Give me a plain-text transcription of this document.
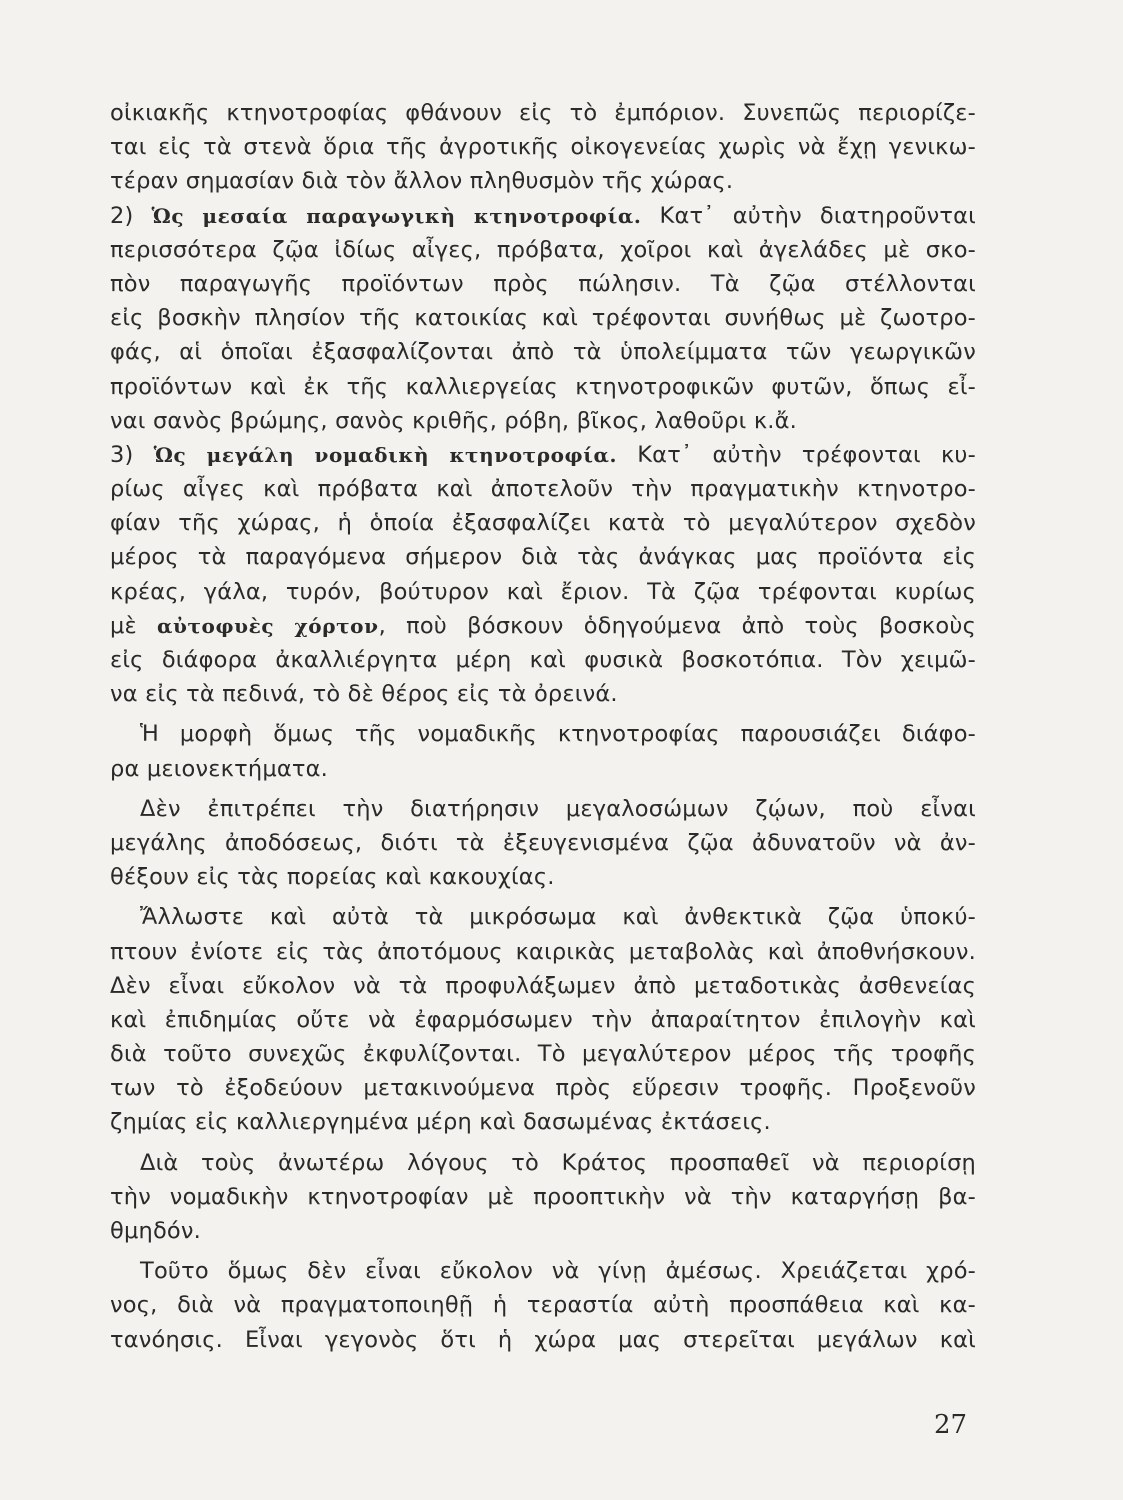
οἰκιακῆς κτηνοτροφίας φθάνουν εἰς τὸ ἐμπόριον. Συνεπῶς περιορίζε-
ται εἰς τὰ στενὰ ὅρια τῆς ἀγροτικῆς οἰκογενείας χωρὶς νὰ ἔχῃ γενικω-
τέραν σημασίαν διὰ τὸν ἄλλον πληθυσμὸν τῆς χώρας.
2) Ὡς μεσαία παραγωγικὴ κτηνοτροφία. Κατ᾽ αὐτὴν διατηροῦνται
περισσότερα ζῷα ἰδίως αἶγες, πρόβατα, χοῖροι καὶ ἀγελάδες μὲ σκο-
πὸν παραγωγῆς προϊόντων πρὸς πώλησιν. Τὰ ζῷα στέλλονται
εἰς βοσκὴν πλησίον τῆς κατοικίας καὶ τρέφονται συνήθως μὲ ζωοτρο-
φάς, αἱ ὁποῖαι ἐξασφαλίζονται ἀπὸ τὰ ὑπολείμματα τῶν γεωργικῶν
προϊόντων καὶ ἐκ τῆς καλλιεργείας κτηνοτροφικῶν φυτῶν, ὅπως εἶ-
ναι σανὸς βρώμης, σανὸς κριθῆς, ρόβη, βῖκος, λαθοῦρι κ.ἄ.
3) Ὡς μεγάλη νομαδικὴ κτηνοτροφία. Κατ᾽ αὐτὴν τρέφονται κυ-
ρίως αἶγες καὶ πρόβατα καὶ ἀποτελοῦν τὴν πραγματικὴν κτηνοτρο-
φίαν τῆς χώρας, ἡ ὁποία ἐξασφαλίζει κατὰ τὸ μεγαλύτερον σχεδὸν
μέρος τὰ παραγόμενα σήμερον διὰ τὰς ἀνάγκας μας προϊόντα εἰς
κρέας, γάλα, τυρόν, βούτυρον καὶ ἔριον. Τὰ ζῷα τρέφονται κυρίως
μὲ αὐτοφυὲς χόρτον, ποὺ βόσκουν ὁδηγούμενα ἀπὸ τοὺς βοσκοὺς
εἰς διάφορα ἀκαλλιέργητα μέρη καὶ φυσικὰ βοσκοτόπια. Τὸν χειμῶ-
να εἰς τὰ πεδινά, τὸ δὲ θέρος εἰς τὰ ὀρεινά.
Ἡ μορφὴ ὅμως τῆς νομαδικῆς κτηνοτροφίας παρουσιάζει διάφο-
ρα μειονεκτήματα.
Δὲν ἐπιτρέπει τὴν διατήρησιν μεγαλοσώμων ζῴων, ποὺ εἶναι
μεγάλης ἀποδόσεως, διότι τὰ ἐξευγενισμένα ζῷα ἀδυνατοῦν νὰ ἀν-
θέξουν εἰς τὰς πορείας καὶ κακουχίας.
Ἄλλωστε καὶ αὐτὰ τὰ μικρόσωμα καὶ ἀνθεκτικὰ ζῷα ὑποκύ-
πτουν ἐνίοτε εἰς τὰς ἀποτόμους καιρικὰς μεταβολὰς καὶ ἀποθνήσκουν.
Δὲν εἶναι εὔκολον νὰ τὰ προφυλάξωμεν ἀπὸ μεταδοτικὰς ἀσθενείας
καὶ ἐπιδημίας οὔτε νὰ ἐφαρμόσωμεν τὴν ἀπαραίτητον ἐπιλογὴν καὶ
διὰ τοῦτο συνεχῶς ἐκφυλίζονται. Τὸ μεγαλύτερον μέρος τῆς τροφῆς
των τὸ ἐξοδεύουν μετακινούμενα πρὸς εὕρεσιν τροφῆς. Προξενοῦν
ζημίας εἰς καλλιεργημένα μέρη καὶ δασωμένας ἐκτάσεις.
Διὰ τοὺς ἀνωτέρω λόγους τὸ Κράτος προσπαθεῖ νὰ περιορίσῃ
τὴν νομαδικὴν κτηνοτροφίαν μὲ προοπτικὴν νὰ τὴν καταργήσῃ βα-
θμηδόν.
Τοῦτο ὅμως δὲν εἶναι εὔκολον νὰ γίνῃ ἀμέσως. Χρειάζεται χρό-
νος, διὰ νὰ πραγματοποιηθῇ ἡ τεραστία αὐτὴ προσπάθεια καὶ κα-
τανόησις. Εἶναι γεγονὸς ὅτι ἡ χώρα μας στερεῖται μεγάλων καὶ
27
